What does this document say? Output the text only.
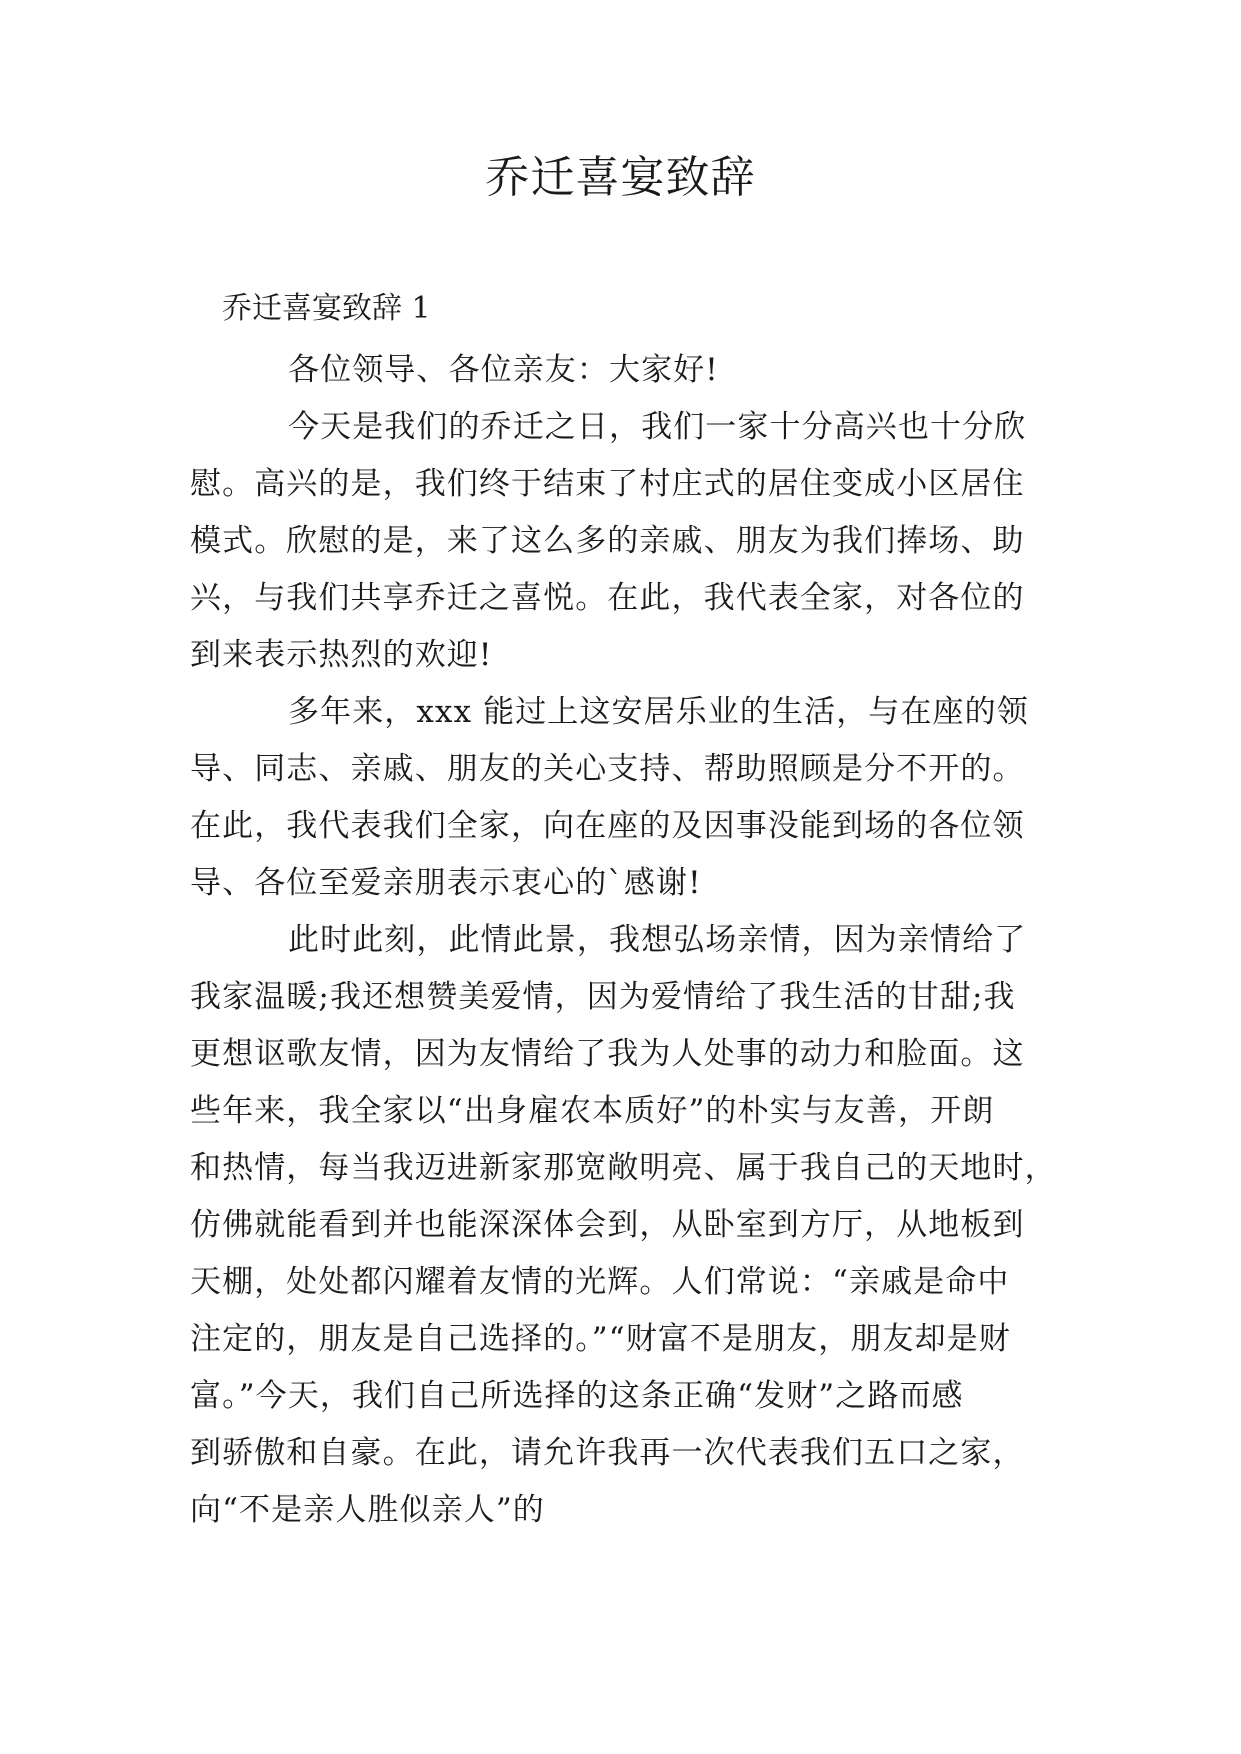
乔迁喜宴致辞
乔迁喜宴致辞 1
各位领导、各位亲友：大家好!
今天是我们的乔迁之日，我们一家十分高兴也十分欣
慰。高兴的是，我们终于结束了村庄式的居住变成小区居住
模式。欣慰的是，来了这么多的亲戚、朋友为我们捧场、助
兴，与我们共享乔迁之喜悦。在此，我代表全家，对各位的
到来表示热烈的欢迎!
多年来，xxx 能过上这安居乐业的生活，与在座的领
导、同志、亲戚、朋友的关心支持、帮助照顾是分不开的。
在此，我代表我们全家，向在座的及因事没能到场的各位领
导、各位至爱亲朋表示衷心的`感谢!
此时此刻，此情此景，我想弘场亲情，因为亲情给了
我家温暖;我还想赞美爱情，因为爱情给了我生活的甘甜;我
更想讴歌友情，因为友情给了我为人处事的动力和脸面。这
些年来，我全家以“出身雇农本质好”的朴实与友善，开朗
和热情，每当我迈进新家那宽敞明亮、属于我自己的天地时，
仿佛就能看到并也能深深体会到，从卧室到方厅，从地板到
天棚，处处都闪耀着友情的光辉。人们常说：“亲戚是命中
注定的，朋友是自己选择的。”“财富不是朋友，朋友却是财
富。”今天，我们自己所选择的这条正确“发财”之路而感
到骄傲和自豪。在此，请允许我再一次代表我们五口之家，
向“不是亲人胜似亲人”的
